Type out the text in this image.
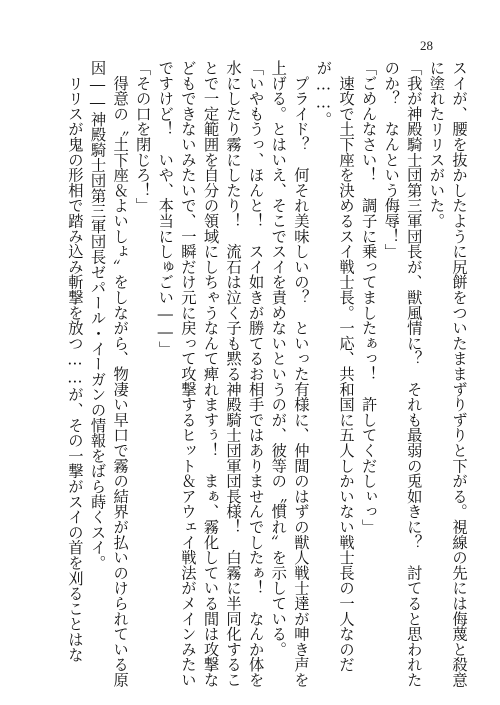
28

スイが、腰を抜かしたように尻餅をついたままずりずりと下がる。視線の先には侮蔑と殺意に塗れたリリスがいた。

「我が神殿騎士団第三軍団長が、獣風情に？　それも最弱の兎如きに？　討てると思われたのか？　なんという侮辱！」

「ごめんなさい！　調子に乗ってましたぁっ！　許してくだしぃっ」

　速攻で土下座を決めるスイ戦士長。一応、共和国に五人しかいない戦士長の一人なのだが……。

　プライド？　何それ美味しいの？　といった有様に、仲間のはずの獣人戦士達が呻き声を上げる。とはいえ、そこでスイを責めないというのが、彼等の〝慣れ〟を示している。

「いやもうっ、ほんと！　スイ如きが勝てるお相手ではありませんでしたぁ！　なんか体を水にしたり霧にしたり！　流石は泣く子も黙る神殿騎士団軍団長様！　白霧に半同化することで一定範囲を自分の領域にしちゃうなんて痺れますぅ！　まぁ、霧化している間は攻撃などもできないみたいで、一瞬だけ元に戻って攻撃するヒット＆アウェイ戦法がメインみたいですけど！　いや、本当にしゅごい――」

「その口を閉じろ！」

　得意の〝土下座＆よいしょ〟をしながら、物凄い早口で霧の結界が払いのけられている原因――神殿騎士団第三軍団長ゼパール・イーガンの情報をばら蒔くスイ。

　リリスが鬼の形相で踏み込み斬撃を放つ……が、その一撃がスイの首を刈ることはな
